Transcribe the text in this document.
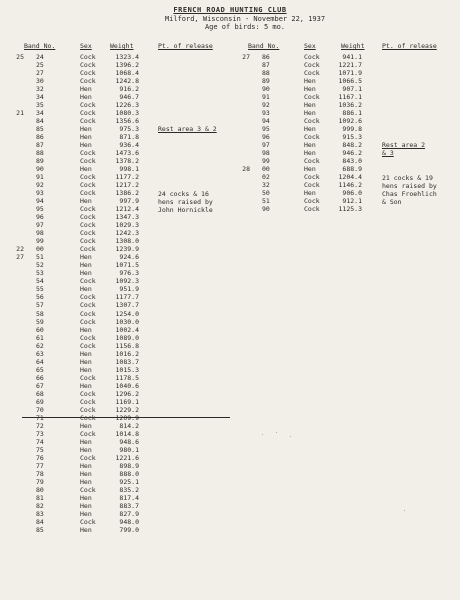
FRENCH ROAD HUNTING CLUB
Milford, Wisconsin - November 22, 1937
Age of birds: 5 mo.
Band No.	Sex	Weight	Pt. of release	Band No.	Sex	Weight	Pt. of release
25 24	Cock	1323.4
25	Cock	1396.2
27	Cock	1068.4
30	Cock	1242.8
32	Hen	916.2
34	Hen	946.7
35	Cock	1226.3
21 34	Cock	1080.3
84	Cock	1356.6
85	Hen	975.3
86	Hen	871.8
87	Hen	936.4
88	Cock	1473.6
89	Cock	1378.2
90	Hen	998.1
91	Cock	1177.2
92	Cock	1217.2
93	Cock	1386.2
94	Hen	997.9
95	Cock	1212.4
96	Cock	1347.3
97	Cock	1029.3
98	Cock	1242.3
99	Cock	1308.0
22 00	Cock	1239.9
27 51	Hen	924.6
52	Hen	1071.5
53	Hen	976.3
54	Cock	1092.3
55	Hen	951.9
56	Cock	1177.7
57	Cock	1307.7
58	Cock	1254.0
59	Cock	1030.0
60	Hen	1002.4
61	Cock	1089.0
62	Cock	1156.8
63	Hen	1016.2
64	Hen	1083.7
65	Hen	1015.3
66	Cock	1178.5
67	Hen	1040.6
68	Cock	1296.2
69	Cock	1169.1
70	Cock	1229.2
71	Cock	1209.9
72	Hen	814.2
73	Cock	1014.8
74	Hen	948.6
75	Hen	980.1
76	Cock	1221.6
77	Hen	898.9
78	Hen	888.0
79	Hen	925.1
80	Cock	835.2
81	Hen	817.4
82	Hen	883.7
83	Hen	827.9
84	Cock	948.0
85	Hen	799.0
27 86	Cock	941.1
87	Cock	1221.7
88	Cock	1071.9
89	Hen	1066.5
90	Hen	907.1
91	Cock	1167.1
92	Hen	1036.2
93	Hen	886.1
94	Cock	1092.6
95	Hen	999.8
96	Cock	915.3
97	Hen	848.2
98	Hen	946.2
99	Cock	843.0
28 00	Hen	688.9
02	Cock	1204.4
32	Cock	1146.2
50	Hen	906.0
51	Cock	912.1
90	Cock	1125.3
Rest area 3 & 2
24 cocks & 16
hens raised by
John Hornickle
Rest area 2
& 3
21 cocks & 19
hens raised by
Chas Froehlich
& Son
